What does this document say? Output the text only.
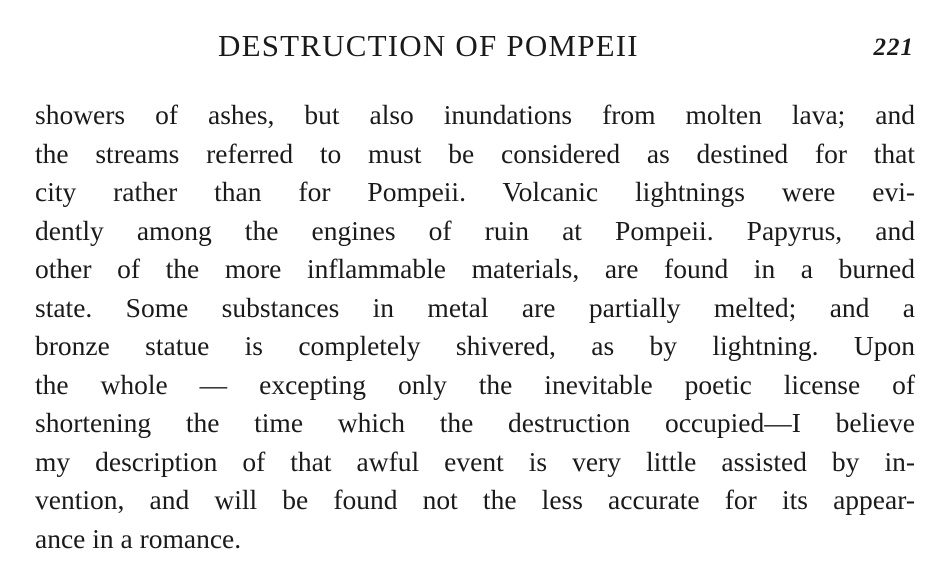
DESTRUCTION OF POMPEII	221
showers of ashes, but also inundations from molten lava; and
the streams referred to must be considered as destined for that
city rather than for Pompeii. Volcanic lightnings were evi-
dently among the engines of ruin at Pompeii. Papyrus, and
other of the more inflammable materials, are found in a burned
state. Some substances in metal are partially melted; and a
bronze statue is completely shivered, as by lightning. Upon
the whole — excepting only the inevitable poetic license of
shortening the time which the destruction occupied—I believe
my description of that awful event is very little assisted by in-
vention, and will be found not the less accurate for its appear-
ance in a romance.
